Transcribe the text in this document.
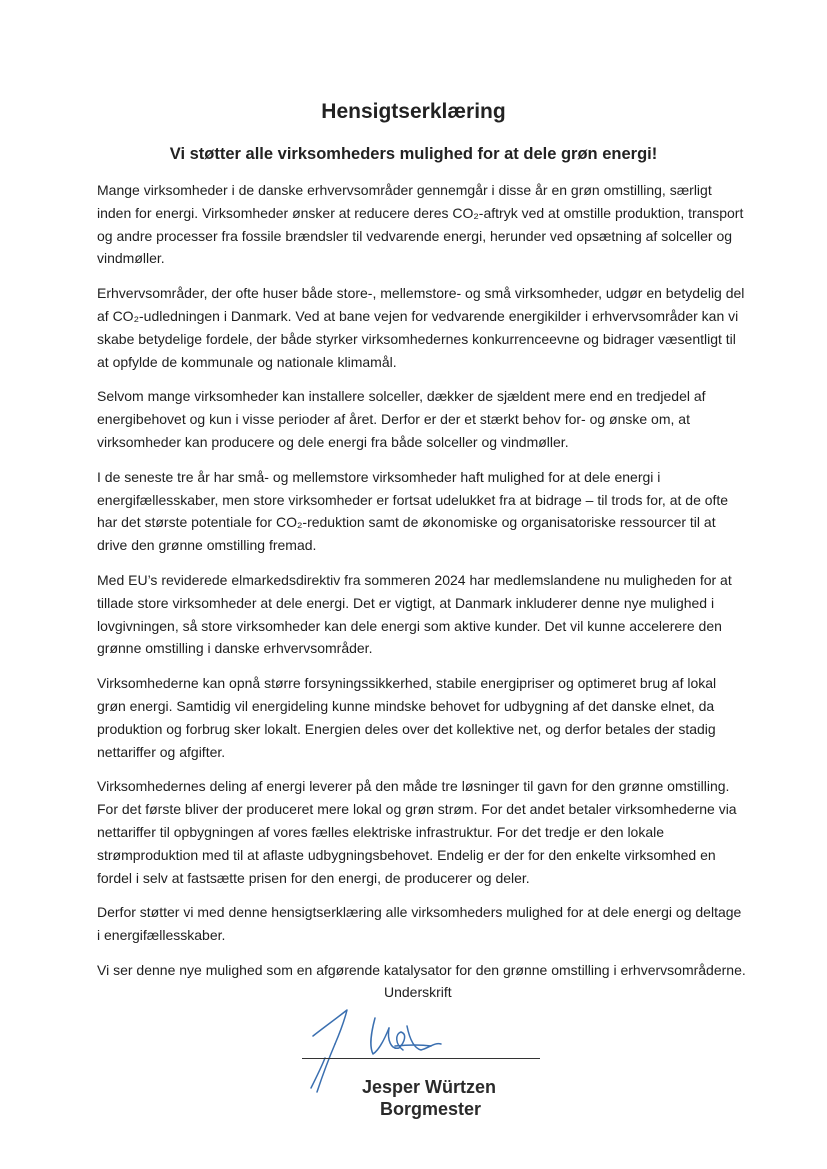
Hensigtserklæring
Vi støtter alle virksomheders mulighed for at dele grøn energi!

Mange virksomheder i de danske erhvervsområder gennemgår i disse år en grøn omstilling, særligt inden for energi. Virksomheder ønsker at reducere deres CO₂-aftryk ved at omstille produktion, transport og andre processer fra fossile brændsler til vedvarende energi, herunder ved opsætning af solceller og vindmøller.

Erhvervsområder, der ofte huser både store-, mellemstore- og små virksomheder, udgør en betydelig del af CO₂-udledningen i Danmark. Ved at bane vejen for vedvarende energikilder i erhvervsområder kan vi skabe betydelige fordele, der både styrker virksomhedernes konkurrenceevne og bidrager væsentligt til at opfylde de kommunale og nationale klimamål.

Selvom mange virksomheder kan installere solceller, dækker de sjældent mere end en tredjedel af energibehovet og kun i visse perioder af året. Derfor er der et stærkt behov for- og ønske om, at virksomheder kan producere og dele energi fra både solceller og vindmøller.

I de seneste tre år har små- og mellemstore virksomheder haft mulighed for at dele energi i energifællesskaber, men store virksomheder er fortsat udelukket fra at bidrage – til trods for, at de ofte har det største potentiale for CO₂-reduktion samt de økonomiske og organisatoriske ressourcer til at drive den grønne omstilling fremad.

Med EU’s reviderede elmarkedsdirektiv fra sommeren 2024 har medlemslandene nu muligheden for at tillade store virksomheder at dele energi. Det er vigtigt, at Danmark inkluderer denne nye mulighed i lovgivningen, så store virksomheder kan dele energi som aktive kunder. Det vil kunne accelerere den grønne omstilling i danske erhvervsområder.

Virksomhederne kan opnå større forsyningssikkerhed, stabile energipriser og optimeret brug af lokal grøn energi. Samtidig vil energideling kunne mindske behovet for udbygning af det danske elnet, da produktion og forbrug sker lokalt. Energien deles over det kollektive net, og derfor betales der stadig nettariffer og afgifter.

Virksomhedernes deling af energi leverer på den måde tre løsninger til gavn for den grønne omstilling. For det første bliver der produceret mere lokal og grøn strøm. For det andet betaler virksomhederne via nettariffer til opbygningen af vores fælles elektriske infrastruktur. For det tredje er den lokale strømproduktion med til at aflaste udbygningsbehovet. Endelig er der for den enkelte virksomhed en fordel i selv at fastsætte prisen for den energi, de producerer og deler.

Derfor støtter vi med denne hensigtserklæring alle virksomheders mulighed for at dele energi og deltage i energifællesskaber.

Vi ser denne nye mulighed som en afgørende katalysator for den grønne omstilling i erhvervsområderne.

Underskrift
Jesper Würtzen
Borgmester
